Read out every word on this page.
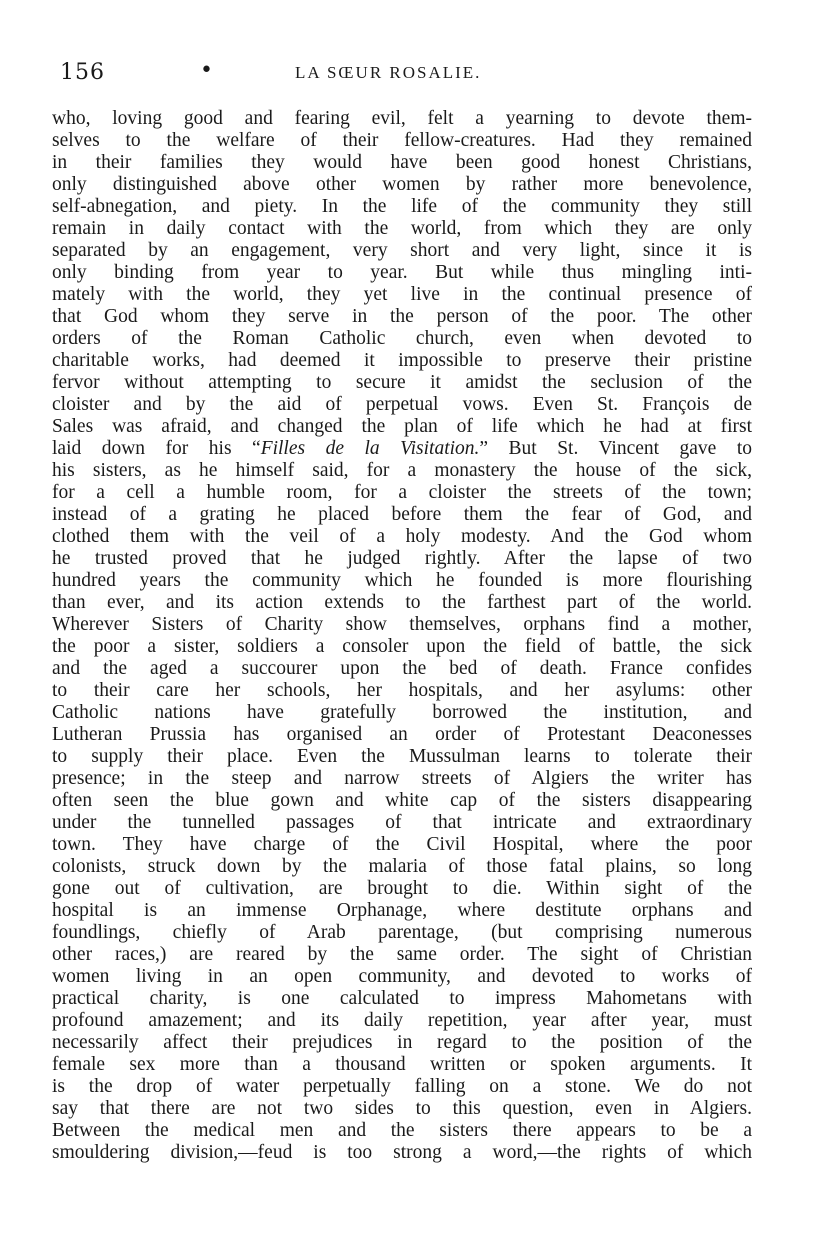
156	•	LA SŒUR ROSALIE.
who, loving good and fearing evil, felt a yearning to devote them-
selves to the welfare of their fellow-creatures. Had they remained
in their families they would have been good honest Christians,
only distinguished above other women by rather more benevolence,
self-abnegation, and piety. In the life of the community they still
remain in daily contact with the world, from which they are only
separated by an engagement, very short and very light, since it is
only binding from year to year. But while thus mingling inti-
mately with the world, they yet live in the continual presence of
that God whom they serve in the person of the poor. The other
orders of the Roman Catholic church, even when devoted to
charitable works, had deemed it impossible to preserve their pristine
fervor without attempting to secure it amidst the seclusion of the
cloister and by the aid of perpetual vows. Even St. François de
Sales was afraid, and changed the plan of life which he had at first
laid down for his “Filles de la Visitation.” But St. Vincent gave to
his sisters, as he himself said, for a monastery the house of the sick,
for a cell a humble room, for a cloister the streets of the town;
instead of a grating he placed before them the fear of God, and
clothed them with the veil of a holy modesty. And the God whom
he trusted proved that he judged rightly. After the lapse of two
hundred years the community which he founded is more flourishing
than ever, and its action extends to the farthest part of the world.
Wherever Sisters of Charity show themselves, orphans find a mother,
the poor a sister, soldiers a consoler upon the field of battle, the sick
and the aged a succourer upon the bed of death. France confides
to their care her schools, her hospitals, and her asylums: other
Catholic nations have gratefully borrowed the institution, and
Lutheran Prussia has organised an order of Protestant Deaconesses
to supply their place. Even the Mussulman learns to tolerate their
presence; in the steep and narrow streets of Algiers the writer has
often seen the blue gown and white cap of the sisters disappearing
under the tunnelled passages of that intricate and extraordinary
town. They have charge of the Civil Hospital, where the poor
colonists, struck down by the malaria of those fatal plains, so long
gone out of cultivation, are brought to die. Within sight of the
hospital is an immense Orphanage, where destitute orphans and
foundlings, chiefly of Arab parentage, (but comprising numerous
other races,) are reared by the same order. The sight of Christian
women living in an open community, and devoted to works of
practical charity, is one calculated to impress Mahometans with
profound amazement; and its daily repetition, year after year, must
necessarily affect their prejudices in regard to the position of the
female sex more than a thousand written or spoken arguments. It
is the drop of water perpetually falling on a stone. We do not
say that there are not two sides to this question, even in Algiers.
Between the medical men and the sisters there appears to be a
smouldering division,—feud is too strong a word,—the rights of which
